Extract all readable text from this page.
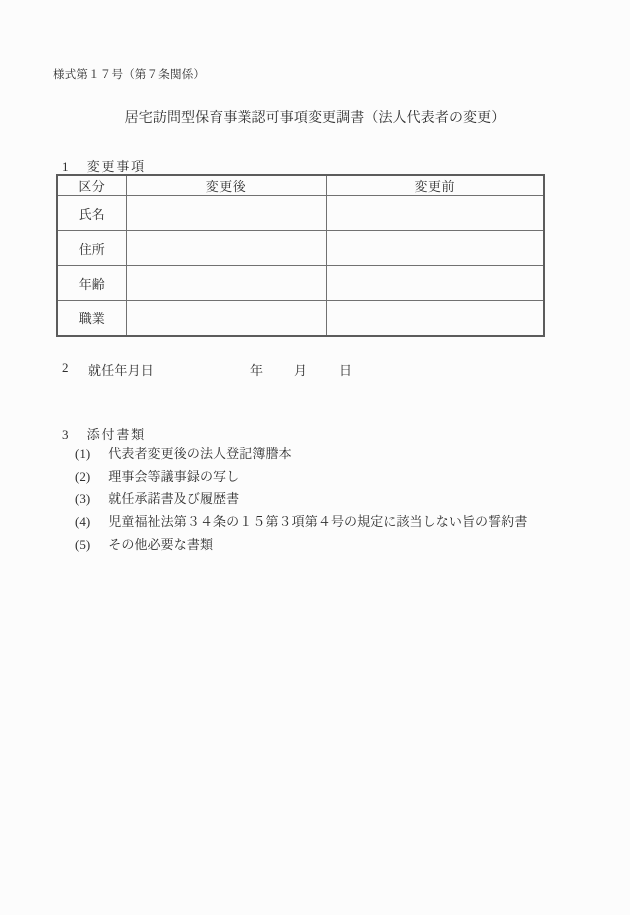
様式第１７号（第７条関係）
居宅訪問型保育事業認可事項変更調書（法人代表者の変更）
1 変更事項
区分	変更後	変更前
氏名		
住所		
年齢		
職業		
2 就任年月日	年 月 日
3 添付書類
(1) 代表者変更後の法人登記簿謄本
(2) 理事会等議事録の写し
(3) 就任承諾書及び履歴書
(4) 児童福祉法第３４条の１５第３項第４号の規定に該当しない旨の誓約書
(5) その他必要な書類
